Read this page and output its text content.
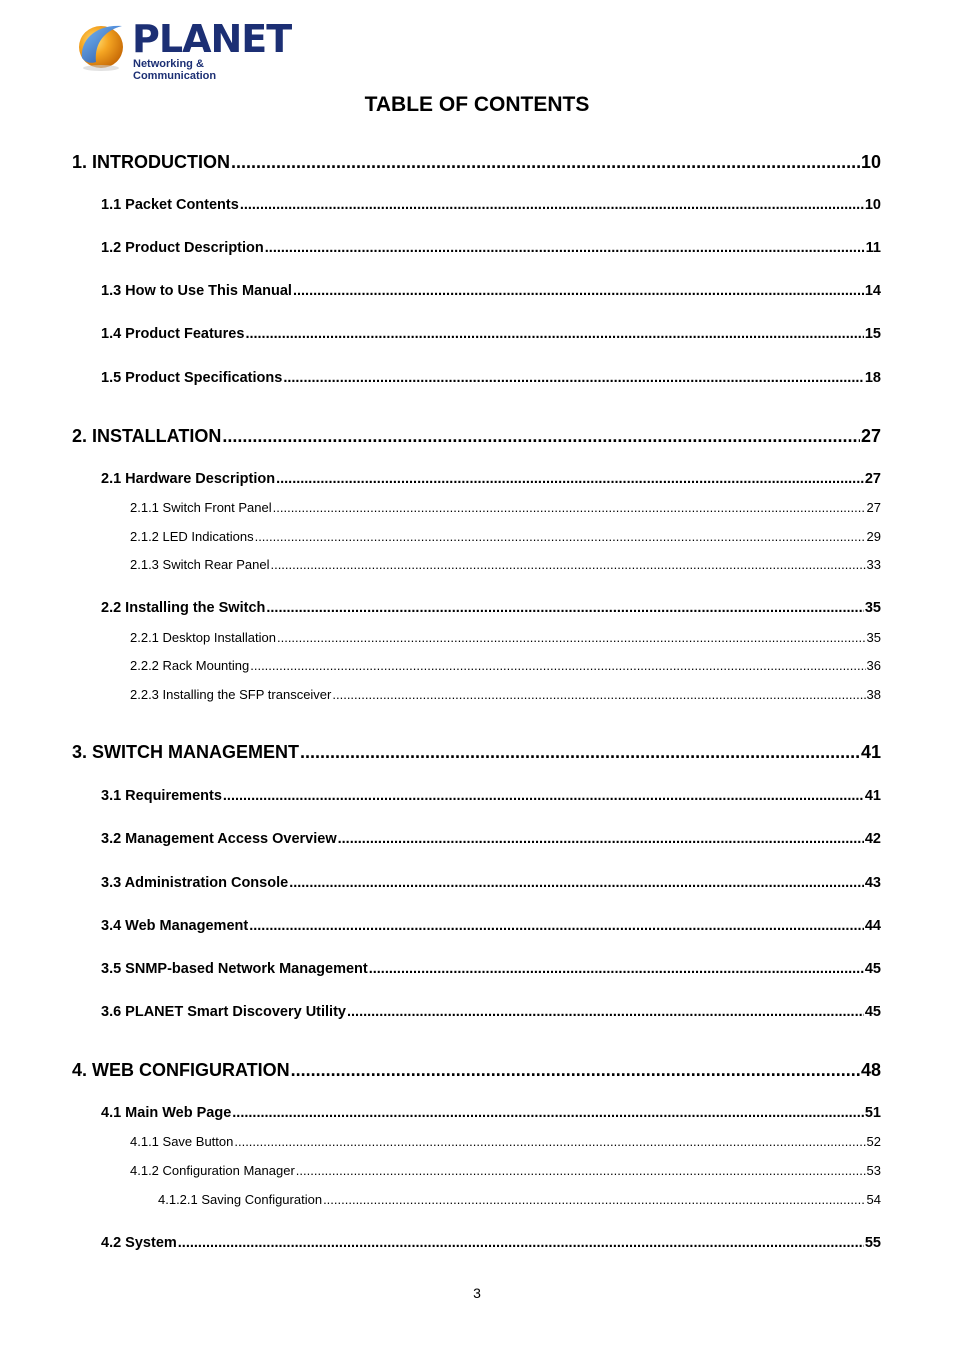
PLANET
Networking & Communication
TABLE OF CONTENTS
1. INTRODUCTION .....	10
1.1 Packet Contents .....	10
1.2 Product Description .....	11
1.3 How to Use This Manual .....	14
1.4 Product Features .....	15
1.5 Product Specifications .....	18
2. INSTALLATION .....	27
2.1 Hardware Description .....	27
2.1.1 Switch Front Panel .....	27
2.1.2 LED Indications .....	29
2.1.3 Switch Rear Panel .....	33
2.2 Installing the Switch .....	35
2.2.1 Desktop Installation .....	35
2.2.2 Rack Mounting .....	36
2.2.3 Installing the SFP transceiver .....	38
3. SWITCH MANAGEMENT .....	41
3.1 Requirements .....	41
3.2 Management Access Overview .....	42
3.3 Administration Console .....	43
3.4 Web Management .....	44
3.5 SNMP-based Network Management .....	45
3.6 PLANET Smart Discovery Utility .....	45
4. WEB CONFIGURATION .....	48
4.1 Main Web Page .....	51
4.1.1 Save Button .....	52
4.1.2 Configuration Manager .....	53
4.1.2.1 Saving Configuration .....	54
4.2 System .....	55
3
